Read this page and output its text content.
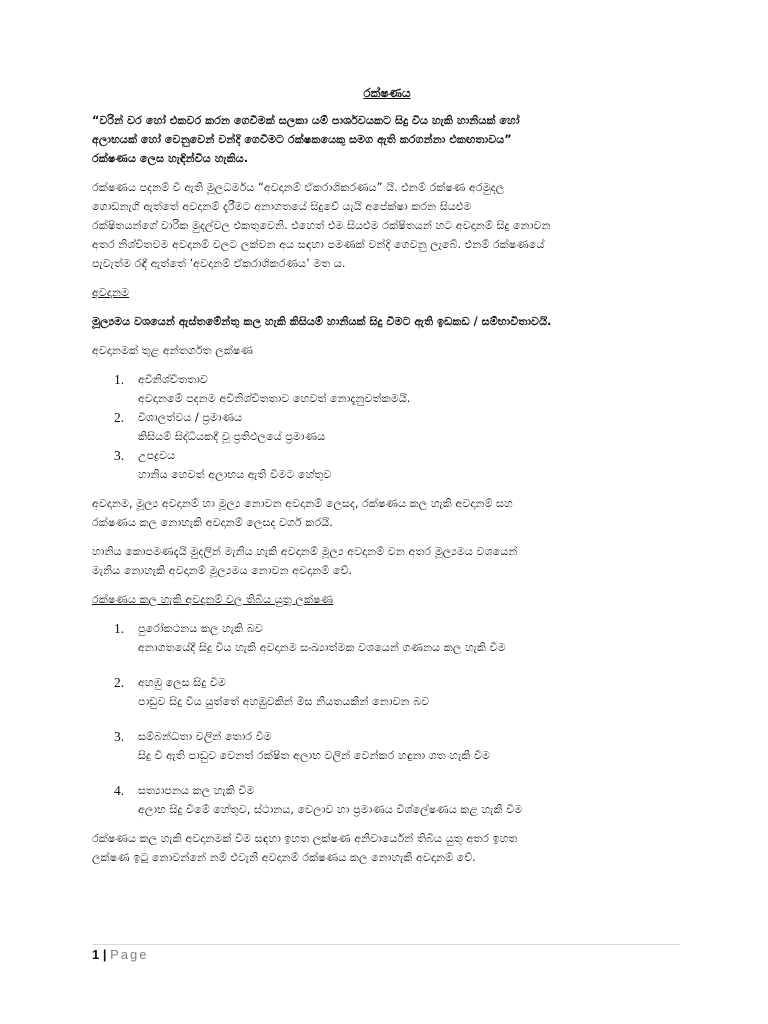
රක්ෂණය

“වරින් වර හෝ එකවර කරන ගෙවීමක් සලකා යම් පාර්ශවයකට සිදු විය හැකි හානියක් හෝ
අලාභයක් හෝ වෙනුවෙන් වන්දි ගෙවීමට රක්ෂකයෙකු සමග ඇති කරගන්නා එකඟතාවය”
රක්ෂණය ලෙස හැඳින්විය හැකිය.

රක්ෂණය පදනම් වී ඇති මූලධර්මය “අවදානම් ඒකරාශිකරණය” යි. එනම් රක්ෂණ අරමුදල
ගොඩනැගී ඇත්තේ අවදානම් දැරීමට අනාගතයේ සිදුවේ යැයි අපේක්ෂා කරන සියළුම
රක්ෂිතයන්ගේ වාරික මුදල්වල එකතුවෙනි. එහෙත් එම සියළුම රක්ෂිතයන් හට අවදානම් සිදු නොවන
අතර නිශ්චිතවම අවදානම් වලට ලක්වන අය සඳහා පමණක් වන්දි ගෙවනු ලැබේ. එනම් රක්ෂණයේ
පැවැත්ම රඳී ඇත්තේ ‘අවදානම් ඒකරාශිකරණය’ මත ය.

අවදානම

මූල්‍යමය වශයෙන් ඇස්තමේන්තු කල හැකි කිසියම් හානියක් සිදු වීමට ඇති ඉඩකඩ / සම්භාවිතාවයි.

අවදානමක් තුළ අන්තර්ගත ලක්ෂණ

1. අවිනිශ්චිතතාව
අවදානමේ පදනම අවිනිශ්චිතතාව හෙවත් නොදැනුවත්කමයි.
2. විශාලත්වය / ප්‍රමාණය
කිසියම් සිද්ධියකදී වූ ප්‍රතිඵලයේ ප්‍රමාණය
3. උපද්‍රවය
හානිය හෙවත් අලාභය ඇති වීමට හේතුව

අවදානම, මූල්‍ය අවදානම් හා මූල්‍ය නොවන අවදානම් ලෙසද, රක්ෂණය කල හැකි අවදානම් සහ
රක්ෂණය කල නොහැකි අවදානම් ලෙසද වර්ග කරයි.

හානිය කොපමණදැයි මුදලින් මැනිය හැකි අවදානම් මූල්‍ය අවදානම් වන අතර මූල්‍යමය වශයෙන්
මැනිය නොහැකි අවදානම් මූල්‍යමය නොවන අවදානම් වේ.

රක්ෂණය කල හැකි අවදානම් වල තිබිය යුතු ලක්ෂණ
1. පුරෝකථනය කල හැකි බව
අනාගතයේදී සිදු විය හැකි අවදානම සංඛ්‍යාත්මක වශයෙන් ගණනය කල හැකි වීම
2. අහඹු ලෙස සිදු වීම
පාඩුව සිදු විය යුත්තේ අහඹුවකින් මිස නියතයකින් නොවන බව
3. සම්බන්ධතා වලින් තොර වීම
සිදු වී ඇති පාඩුව වෙනත් රක්ෂිත අලාභ වලින් වෙන්කර හඳුනා ගත හැකි වීම
4. සත්‍යාපනය කල හැකි වීම
අලාභ සිදු වීමේ හේතුව, ස්ථානය, වෙලාව හා ප්‍රමාණය විශ්ලේෂණය කළ හැකි වීම

රක්ෂණය කල හැකි අවදානමක් වීම සඳහා ඉහත ලක්ෂණ අනිවාර්යෙන් තිබිය යුතු අතර ඉහත
ලක්ෂණ ඉටු නොවන්නේ නම් එවැනි අවදානම් රක්ෂණය කල නොහැකි අවදානම් වේ.

1 | Page
